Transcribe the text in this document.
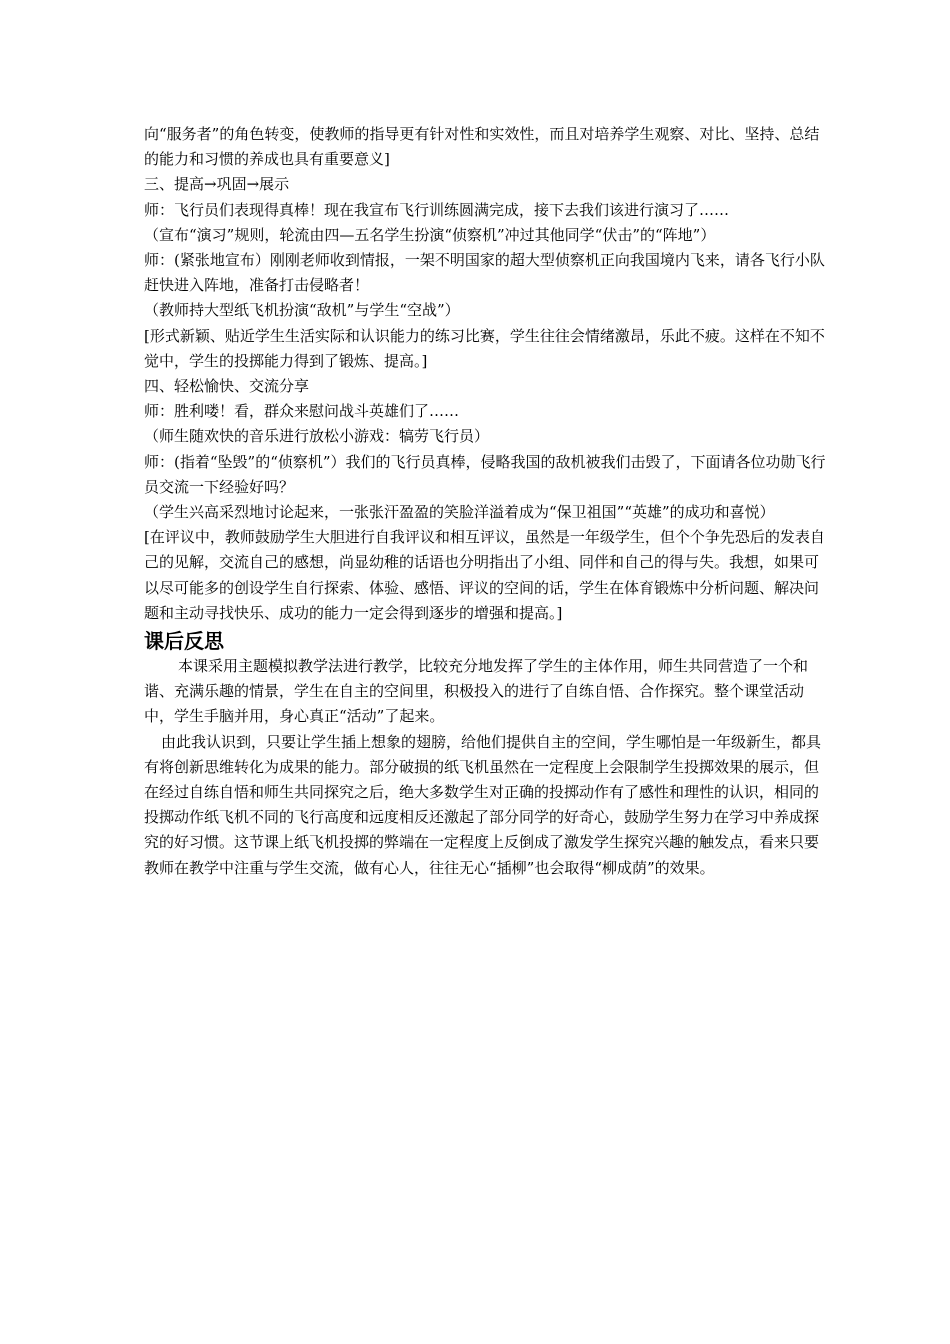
向“服务者”的角色转变，使教师的指导更有针对性和实效性，而且对培养学生观察、对比、坚持、总结的能力和习惯的养成也具有重要意义]

三、提高→巩固→展示

师：飞行员们表现得真棒！现在我宣布飞行训练圆满完成，接下去我们该进行演习了……

（宣布“演习”规则，轮流由四—五名学生扮演“侦察机”冲过其他同学“伏击”的“阵地”）

师：(紧张地宣布）刚刚老师收到情报，一架不明国家的超大型侦察机正向我国境内飞来，请各飞行小队赶快进入阵地，准备打击侵略者！

（教师持大型纸飞机扮演“敌机”与学生“空战”）

[形式新颖、贴近学生生活实际和认识能力的练习比赛，学生往往会情绪激昂，乐此不疲。这样在不知不觉中，学生的投掷能力得到了锻炼、提高。]

四、轻松愉快、交流分享

师：胜利喽！看，群众来慰问战斗英雄们了……

（师生随欢快的音乐进行放松小游戏：犒劳飞行员）

师：(指着“坠毁”的“侦察机”）我们的飞行员真棒，侵略我国的敌机被我们击毁了，下面请各位功勋飞行员交流一下经验好吗？

（学生兴高采烈地讨论起来，一张张汗盈盈的笑脸洋溢着成为“保卫祖国”“英雄”的成功和喜悦）

[在评议中，教师鼓励学生大胆进行自我评议和相互评议，虽然是一年级学生，但个个争先恐后的发表自己的见解，交流自己的感想，尚显幼稚的话语也分明指出了小组、同伴和自己的得与失。我想，如果可以尽可能多的创设学生自行探索、体验、感悟、评议的空间的话，学生在体育锻炼中分析问题、解决问题和主动寻找快乐、成功的能力一定会得到逐步的增强和提高。]

课后反思

本课采用主题模拟教学法进行教学，比较充分地发挥了学生的主体作用，师生共同营造了一个和谐、充满乐趣的情景，学生在自主的空间里，积极投入的进行了自练自悟、合作探究。整个课堂活动中，学生手脑并用，身心真正“活动”了起来。

由此我认识到，只要让学生插上想象的翅膀，给他们提供自主的空间，学生哪怕是一年级新生，都具有将创新思维转化为成果的能力。部分破损的纸飞机虽然在一定程度上会限制学生投掷效果的展示，但在经过自练自悟和师生共同探究之后，绝大多数学生对正确的投掷动作有了感性和理性的认识，相同的投掷动作纸飞机不同的飞行高度和远度相反还激起了部分同学的好奇心，鼓励学生努力在学习中养成探究的好习惯。这节课上纸飞机投掷的弊端在一定程度上反倒成了激发学生探究兴趣的触发点，看来只要教师在教学中注重与学生交流，做有心人，往往无心“插柳”也会取得“柳成荫”的效果。
